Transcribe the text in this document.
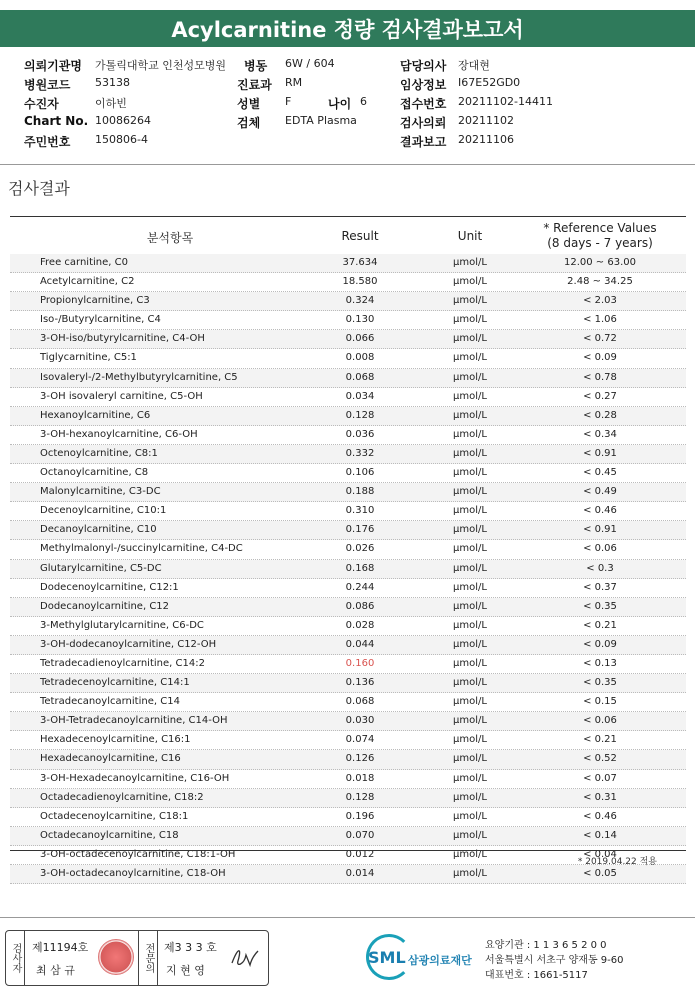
Acylcarnitine 정량 검사결과보고서
의뢰기관명 가톨릭대학교 인천성모병원 병동 6W / 604	담당의사 장대현
병원코드 53138	진료과 RM	임상정보 I67E52GD0
수진자	이하빈	성별 F	나이 6	접수번호 20211102-14411
Chart No. 10086264	검체 EDTA Plasma	검사의뢰 20211102
주민번호 150806-4	결과보고 20211106
검사결과
분석항목	Result	Unit
* Reference Values
(8 days - 7 years)
Free carnitine, C0	37.634	μmol/L	12.00 ~ 63.00
Acetylcarnitine, C2	18.580	μmol/L	2.48 ~ 34.25
Propionylcarnitine, C3	0.324	μmol/L	< 2.03
Iso-/Butyrylcarnitine, C4	0.130	μmol/L	< 1.06
3-OH-iso/butyrylcarnitine, C4-OH	0.066	μmol/L	< 0.72
Tiglycarnitine, C5:1	0.008	μmol/L	< 0.09
Isovaleryl-/2-Methylbutyrylcarnitine, C5	0.068	μmol/L	< 0.78
3-OH isovaleryl carnitine, C5-OH	0.034	μmol/L	< 0.27
Hexanoylcarnitine, C6	0.128	μmol/L	< 0.28
3-OH-hexanoylcarnitine, C6-OH	0.036	μmol/L	< 0.34
Octenoylcarnitine, C8:1	0.332	μmol/L	< 0.91
Octanoylcarnitine, C8	0.106	μmol/L	< 0.45
Malonylcarnitine, C3-DC	0.188	μmol/L	< 0.49
Decenoylcarnitine, C10:1	0.310	μmol/L	< 0.46
Decanoylcarnitine, C10	0.176	μmol/L	< 0.91
Methylmalonyl-/succinylcarnitine, C4-DC	0.026	μmol/L	< 0.06
Glutarylcarnitine, C5-DC	0.168	μmol/L	< 0.3
Dodecenoylcarnitine, C12:1	0.244	μmol/L	< 0.37
Dodecanoylcarnitine, C12	0.086	μmol/L	< 0.35
3-Methylglutarylcarnitine, C6-DC	0.028	μmol/L	< 0.21
3-OH-dodecanoylcarnitine, C12-OH	0.044	μmol/L	< 0.09
Tetradecadienoylcarnitine, C14:2	0.160	μmol/L	< 0.13
Tetradecenoylcarnitine, C14:1	0.136	μmol/L	< 0.35
Tetradecanoylcarnitine, C14	0.068	μmol/L	< 0.15
3-OH-Tetradecanoylcarnitine, C14-OH	0.030	μmol/L	< 0.06
Hexadecenoylcarnitine, C16:1	0.074	μmol/L	< 0.21
Hexadecanoylcarnitine, C16	0.126	μmol/L	< 0.52
3-OH-Hexadecanoylcarnitine, C16-OH	0.018	μmol/L	< 0.07
Octadecadienoylcarnitine, C18:2	0.128	μmol/L	< 0.31
Octadecenoylcarnitine, C18:1	0.196	μmol/L	< 0.46
Octadecanoylcarnitine, C18	0.070	μmol/L	< 0.14
3-OH-octadecenoylcarnitine, C18:1-OH	0.012	μmol/L	< 0.04
3-OH-octadecanoylcarnitine, C18-OH	0.014	μmol/L	< 0.05
* 2019.04.22 적용
검사자	제11194호
최 삼 규	전문의 제3 3 3 호
지 현 영
SML 삼광의료재단
요양기관 : 1 1 3 6 5 2 0 0
서울특별시 서초구 양재동 9-60
대표번호 : 1661-5117
